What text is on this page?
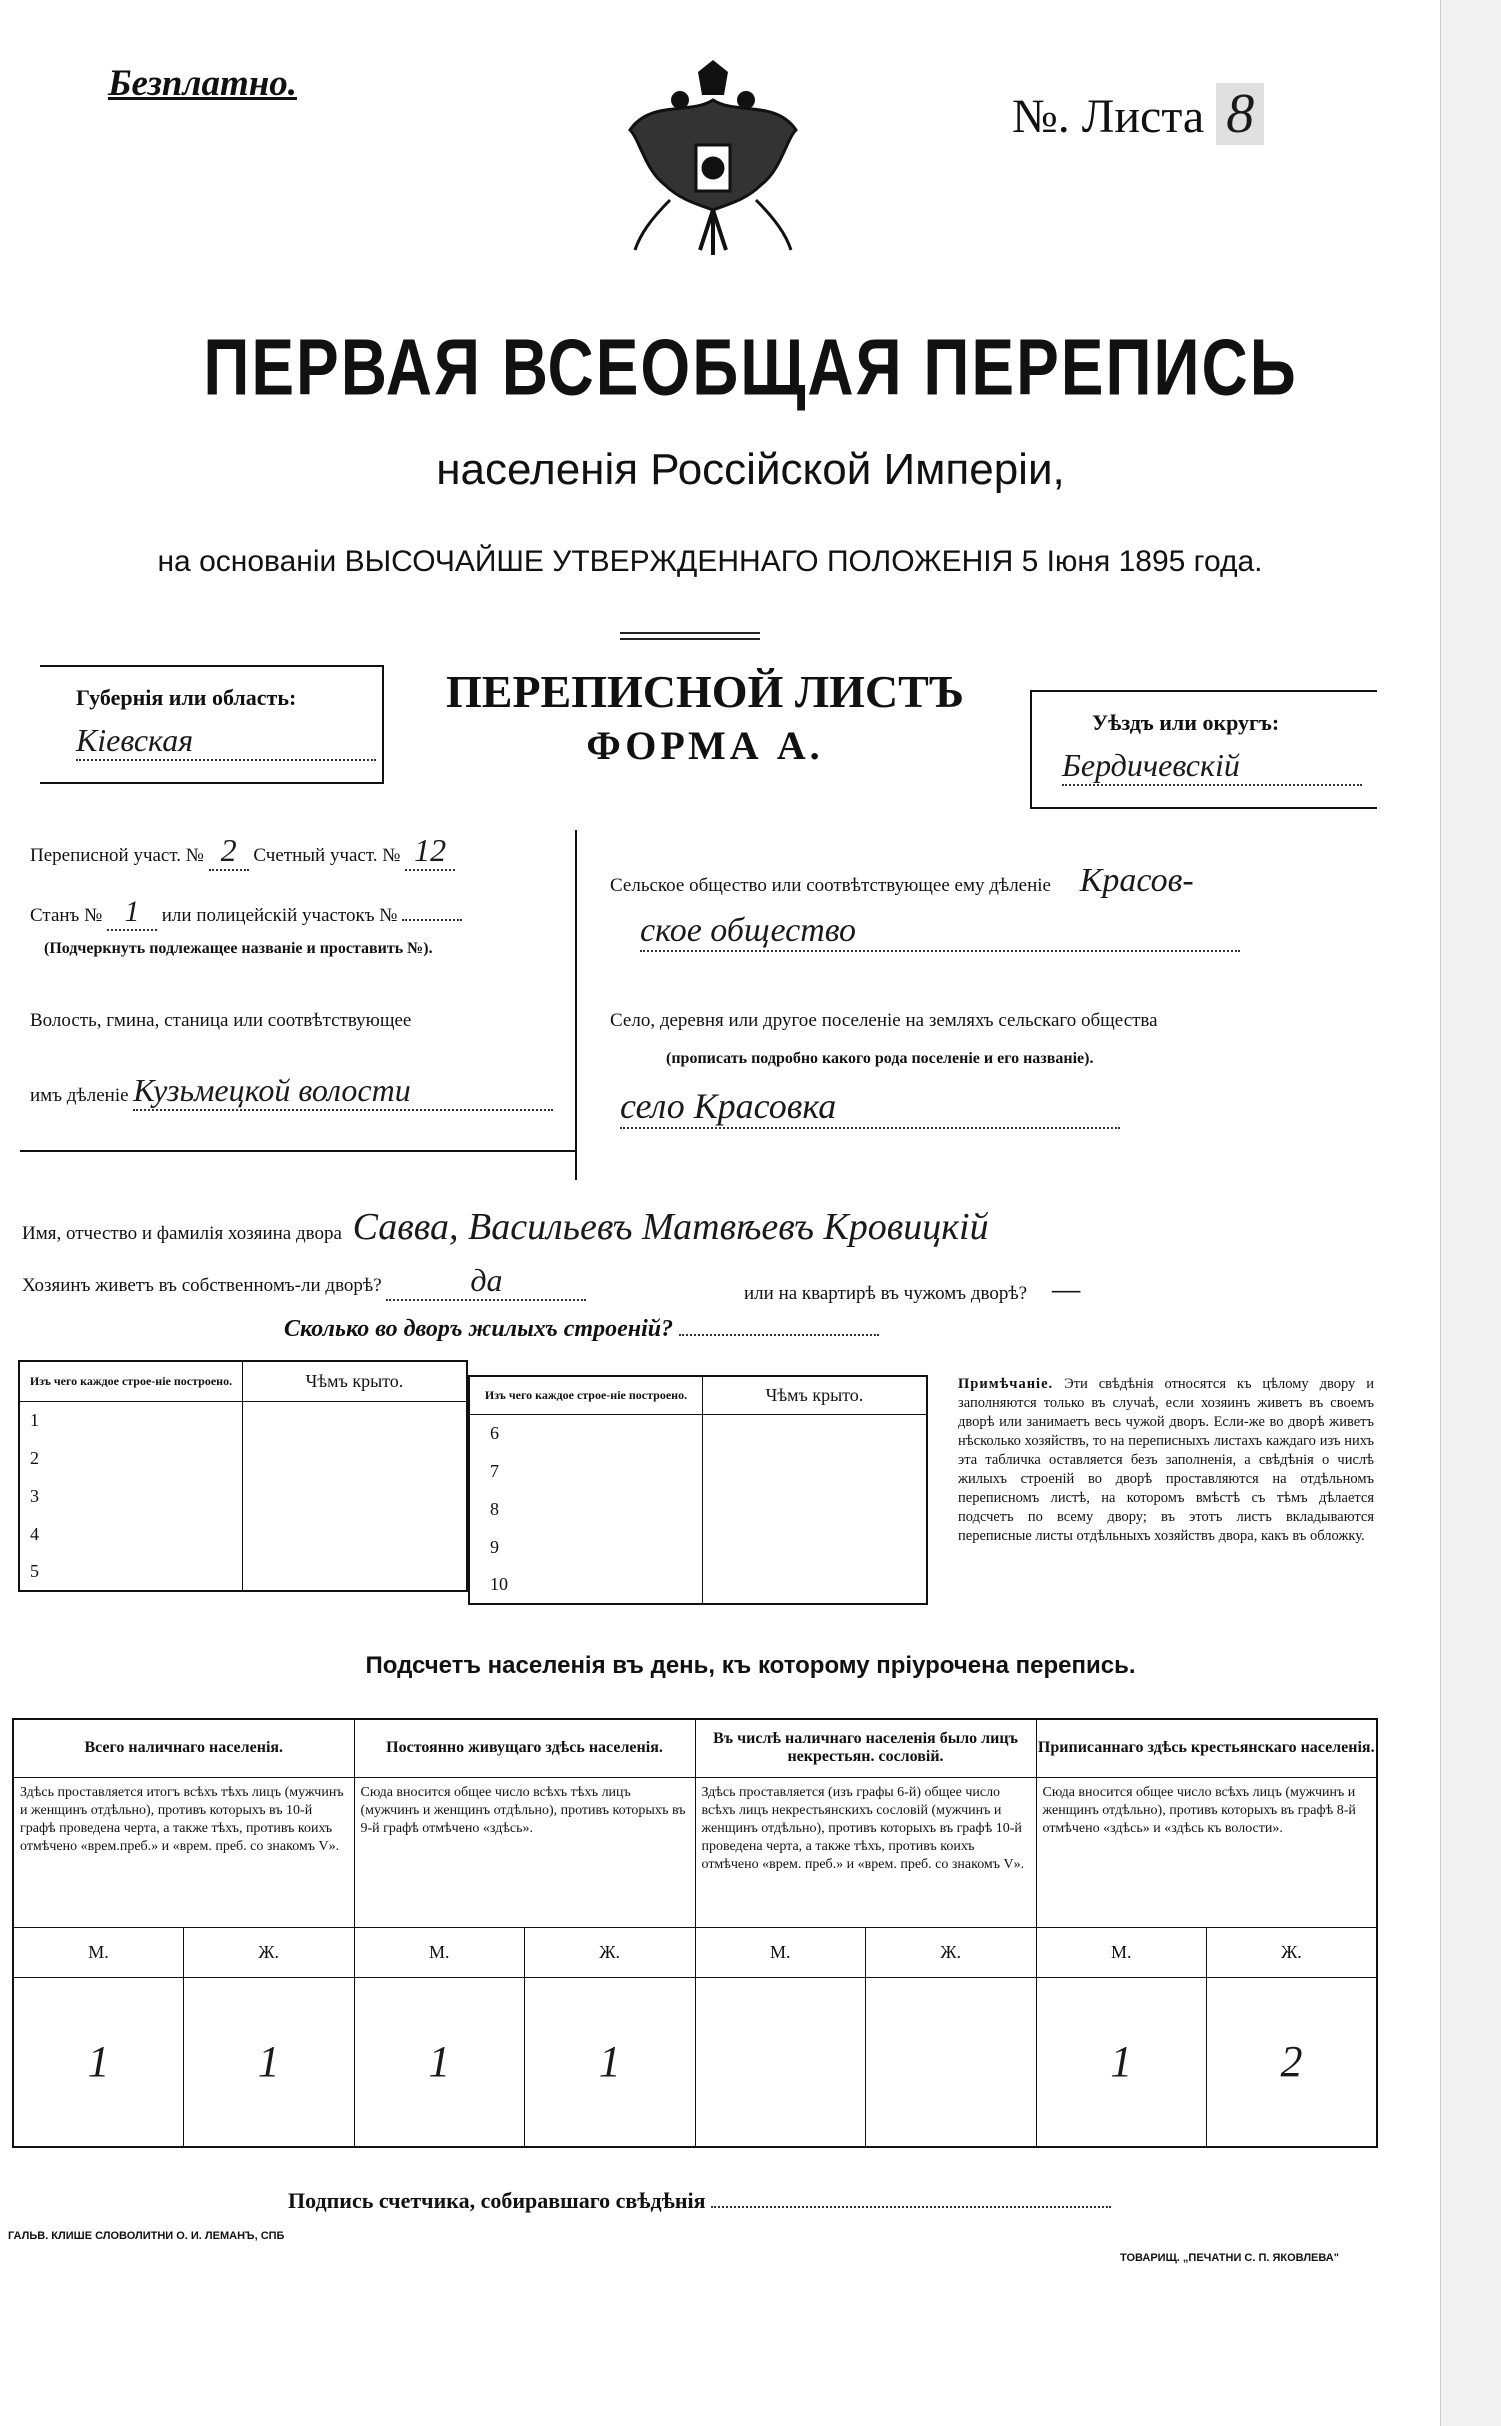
Безплатно.
№. Листа 8
ПЕРВАЯ ВСЕОБЩАЯ ПЕРЕПИСЬ
населенія Россійской Имперіи,
на основаніи ВЫСОЧАЙШЕ УТВЕРЖДЕННАГО ПОЛОЖЕНІЯ 5 Іюня 1895 года.
Губернія или область:
Кіевская
ПЕРЕПИСНОЙ ЛИСТЪ
ФОРМА А.
Уѣздъ или округъ:
Бердичевскій
Переписной участ. № 2 Счетный участ. № 12
Станъ № 1 или полицейскій участокъ №
(Подчеркнуть подлежащее названіе и проставить №).
Волость, гмина, станица или соотвѣтствующее
имъ дѣленіе Кузьмецкой волости
Сельское общество или соотвѣтствующее ему дѣленіе Красов-
ское общество
Село, деревня или другое поселеніе на земляхъ сельскаго общества
(прописать подробно какого рода поселеніе и его названіе).
село Красовка
Имя, отчество и фамилія хозяина двора Савва, Васильевъ Матвѣевъ Кровицкій
Хозяинъ живетъ въ собственномъ-ли дворѣ?	да	или на квартирѣ въ чужомъ дворѣ? —
Сколько во дворъ жилыхъ строеній?
Изъ чего каждое строе-ніе построено.	Чѣмъ крыто.
1	
2	
3	
4	
5	
Изъ чего каждое строе-ніе построено.	Чѣмъ крыто.
6	
7	
8	
9	
10	
Примѣчаніе. Эти свѣдѣнія относятся къ цѣлому двору и заполняются только въ случаѣ, если хозяинъ живетъ въ своемъ дворѣ или занимаетъ весь чужой дворъ. Если-же во дворѣ живетъ нѣсколько хозяйствъ, то на переписныхъ листахъ каждаго изъ нихъ эта табличка оставляется безъ заполненія, а свѣдѣнія о числѣ жилыхъ строеній во дворѣ проставляются на отдѣльномъ переписномъ листѣ, на которомъ вмѣстѣ съ тѣмъ дѣлается подсчетъ по всему двору; въ этотъ листъ вкладываются переписные листы отдѣльныхъ хозяйствъ двора, какъ въ обложку.
Подсчетъ населенія въ день, къ которому пріурочена перепись.
Всего наличнаго населенія.		Постоянно живущаго здѣсь населенія.		Въ числѣ наличнаго населенія было лицъ некрестьян. сословій.		Приписаннаго здѣсь крестьянскаго населенія.	
Здѣсь проставляется итогъ всѣхъ тѣхъ лицъ (мужчинъ и женщинъ отдѣльно), противъ которыхъ въ 10-й графѣ проведена черта, а также тѣхъ, противъ коихъ отмѣчено «врем.преб.» и «врем. преб. со знакомъ V».		Сюда вносится общее число всѣхъ тѣхъ лицъ (мужчинъ и женщинъ отдѣльно), противъ которыхъ въ 9-й графѣ отмѣчено «здѣсь».		Здѣсь проставляется (изъ графы 6-й) общее число всѣхъ лицъ некрестьянскихъ сословій (мужчинъ и женщинъ отдѣльно), противъ которыхъ въ графѣ 10-й проведена черта, а также тѣхъ, противъ коихъ отмѣчено «врем. преб.» и «врем. преб. со знакомъ V».		Сюда вносится общее число всѣхъ лицъ (мужчинъ и женщинъ отдѣльно), противъ которыхъ въ графѣ 8-й отмѣчено «здѣсь» и «здѣсь къ волости».	
М.	Ж.	М.	Ж.	М.	Ж.	М.	Ж.
1	1	1	1			1	2
Подпись счетчика, собиравшаго свѣдѣнія
ГАЛЬВ. КЛИШЕ СЛОВОЛИТНИ О. И. ЛЕМАНЪ, СПБ
ТОВАРИЩ. „ПЕЧАТНИ С. П. ЯКОВЛЕВА"
